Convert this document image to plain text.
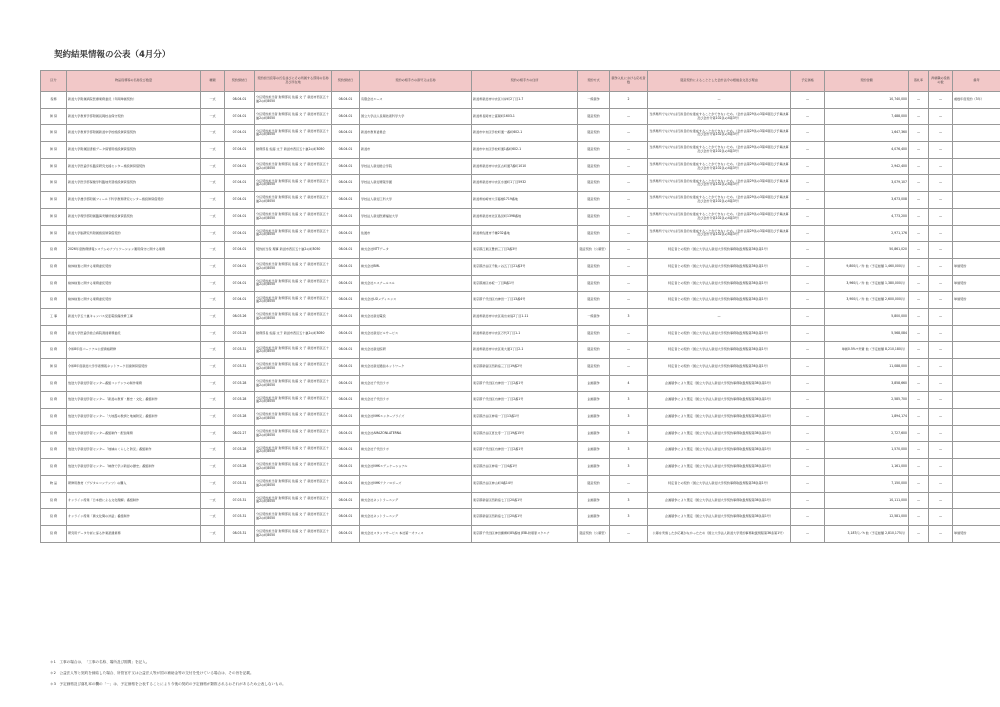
契約結果情報の公表（4月分）
区分	物品役務等の名称及び数量	種類	契約締結日	契約担当官等の氏名並びにその所属する部局の名称及び所在地	契約締結日	契約の相手方の商号又は名称	契約の相手方の住所	契約方式	競争入札における応札者数	随意契約によることとした会計法令の根拠条文及び理由	予定価格	契約金額	落札率	再就職の役員の数	備考
役務	新潟大学附属病院医療業務委託（年間単価契約）	一式	08.04.01	分任契約担当者 財務部長 佐藤 文 子 新潟市西区五十嵐2の町8050	08.04.01	有限会社エース	新潟県新潟市中央区川岸町2丁目1-7	一般競争	2	—	—	10,740,000	—	—	複数年度契約（3年）
賃 貸	新潟大学教育学部附属長岡校舎保守契約	一式	07.04.01	分任契約担当者 財務部長 佐藤 文 子 新潟市西区五十嵐2の町8050	08.04.01	国立大学法人長岡技術科学大学	新潟県長岡市上富岡町1603-1	随意契約	—	当該場所でなければ行政目的を達成することができないため。（会計法第29条の3第4項及び予算決算及び会計令第102条の4第3号）	—	7,488,000	—	—	
賃 貸	新潟大学教育学部附属新潟中学校施設賃貸借契約	一式	07.04.01	分任契約担当者 財務部長 佐藤 文 子 新潟市西区五十嵐2の町8050	08.04.01	新潟市教育委員会	新潟市中央区学校町通一番町602-1	随意契約	—	当該場所でなければ行政目的を達成することができないため。（会計法第29条の3第4項及び予算決算及び会計令第102条の4第3号）	—	1,647,360	—	—	
賃 貸	新潟大学附属図書館データ保管用施設賃貸借契約	一式	07.04.01	財務部長 佐藤 文子 新潟市西区五十嵐2の町8050	08.04.01	新潟市	新潟市中央区学校町通1番町602-1	随意契約	—	当該場所でなければ行政目的を達成することができないため。（会計法第29条の3第4項及び予算決算及び会計令第102条の4第3号）	—	4,076,400	—	—	
賃 貸	新潟大学医歯学系臨床研究支援センター施設賃貸借契約	一式	07.04.01	分任契約担当者 財務部長 佐藤 文 子 新潟市西区五十嵐2の町8050	08.04.01	学校法人新潟総合学院	新潟県新潟市中央区古町通7番町1010	随意契約	—	当該場所でなければ行政目的を達成することができないため。（会計法第29条の3第4項及び予算決算及び会計令第102条の4第3号）	—	2,942,400	—	—	
賃 貸	新潟大学医学部保健学科臨地実習施設賃貸借契約	一式	07.04.01	分任契約担当者 財務部長 佐藤 文 子 新潟市西区五十嵐2の町8050	08.04.01	学校法人新潟青陵学園	新潟県新潟市中央区水道町1丁目5932	随意契約	—	当該場所でなければ行政目的を達成することができないため。（会計法第29条の3第4項及び予算決算及び会計令第102条の4第3号）	—	3,079,107	—	—	
賃 貸	新潟大学農学部附属フィールド科学教育研究センター施設賃貸借契約	一式	07.04.01	分任契約担当者 財務部長 佐藤 文 子 新潟市西区五十嵐2の町8050	08.04.01	学校法人新潟工科大学	新潟県柏崎市大字藤橋1719番地	随意契約	—	当該場所でなければ行政目的を達成することができないため。（会計法第29条の3第4項及び予算決算及び会計令第102条の4第3号）	—	3,673,008	—	—	
賃 貸	新潟大学理学部附属臨海実験所施設賃貸借契約	一式	07.04.01	分任契約担当者 財務部長 佐藤 文 子 新潟市西区五十嵐2の町8050	08.04.01	学校法人新潟医療福祉大学	新潟県新潟市北区島見町1398番地	随意契約	—	当該場所でなければ行政目的を達成することができないため。（会計法第29条の3第4項及び予算決算及び会計令第102条の4第3号）	—	4,773,200	—	—	
賃 貸	新潟大学脳研究所附属施設賃貸借契約	一式	07.04.01	分任契約担当者 財務部長 佐藤 文 子 新潟市西区五十嵐2の町8050	08.04.01	佐渡市	新潟県佐渡市千種232番地	随意契約	—	当該場所でなければ行政目的を達成することができないため。（会計法第29条の3第4項及び予算決算及び会計令第102条の4第3号）	—	2,971,176	—	—	
役 務	2026年度教務情報システムのアプリケーション運用保守に関する業務	一式	07.04.01	契約担当役 理事 新潟市西区五十嵐2の町8050	08.04.01	株式会社NTTデータ	東京都江東区豊洲三丁目3番3号	随意契約（公募型）	—	特定者との契約（国立大学法人新潟大学契約事務取扱規程第36条第1号）	—	50,861,020	—	—	
役 務	検体検査に関する業務委託契約	一式	07.04.01	分任契約担当者 財務部長 佐藤 文 子 新潟市西区五十嵐2の町8050	08.04.01	株式会社BML	東京都渋谷区千駄ヶ谷五丁目21番3号	随意契約	—	特定者との契約（国立大学法人新潟大学契約事務取扱規程第36条第1号）	—	9,800円／件 他（予定総額 1,460,000円）	—	—	単価契約
役 務	検体検査に関する業務委託契約	一式	07.04.01	分任契約担当者 財務部長 佐藤 文 子 新潟市西区五十嵐2の町8050	08.04.01	株式会社エスアールエル	東京都港区赤坂一丁目8番1号	随意契約	—	特定者との契約（国立大学法人新潟大学契約事務取扱規程第36条第1号）	—	3,960円／件 他（予定総額 1,380,000円）	—	—	単価契約
役 務	検体検査に関する業務委託契約	一式	07.04.01	分任契約担当者 財務部長 佐藤 文 子 新潟市西区五十嵐2の町8050	08.04.01	株式会社LSIメディエンス	東京都千代田区内神田一丁目13番4号	随意契約	—	特定者との契約（国立大学法人新潟大学契約事務取扱規程第36条第1号）	—	3,900円／件 他（予定総額 2,600,000円）	—	—	単価契約
工 事	新潟大学五十嵐キャンパス受変電設備改修工事	一式	08.03.26	分任契約担当者 財務部長 佐藤 文 子 新潟市西区五十嵐2の町8050	08.04.01	株式会社新潟電設	新潟県新潟市中央区南出来島2丁目1-11	一般競争	3	—	—	5,800,000	—	—	
役 務	新潟大学医歯学総合病院清掃業務委託	一式	07.03.25	財務部長 佐藤 文子 新潟市西区五十嵐2の町8050	08.04.01	株式会社新潟ビルサービス	新潟県新潟市中央区万代3丁目1-1	随意契約	—	特定者との契約（国立大学法人新潟大学契約事務取扱規程第36条第1号）	—	5,568,084	—	—	
役 務	令和8年度パーソナル公認資格研修	一式	07.03.31	分任契約担当者 財務部長 佐藤 文 子 新潟市西区五十嵐2の町8050	08.04.01	株式会社新潟綜研	新潟県新潟市中央区東大通1丁目2-1	随意契約	—	特定者との契約（国立大学法人新潟大学契約事務取扱規程第36条第1号）	—	単価0.5%+実費 他（予定総額 8,210,180円）	—	—	
賃 貸	令和8年度新潟大学学術情報ネットワーク回線賃貸借契約	一式	07.03.31	分任契約担当者 財務部長 佐藤 文 子 新潟市西区五十嵐2の町8050	08.04.01	株式会社新潟通信ネットワーク	東京都新宿区西新宿三丁目19番2号	随意契約	—	特定者との契約（国立大学法人新潟大学契約事務取扱規程第36条第1号）	—	11,088,000	—	—	
役 務	放送大学新潟学習センター番組コンテンツの制作業務	一式	07.03.28	分任契約担当者 財務部長 佐藤 文 子 新潟市西区五十嵐2の町8050	08.04.01	株式会社千代田ラボ	東京都千代田区内神田一丁目2番1号	企画競争	4	企画競争により選定（国立大学法人新潟大学契約事務取扱規程第36条第1号）	—	3,858,660	—	—	
役 務	放送大学新潟学習センター「新潟の教育・歴史・文化」番組制作	一式	07.03.28	分任契約担当者 財務部長 佐藤 文 子 新潟市西区五十嵐2の町8050	08.04.01	株式会社千代田ラボ	東京都千代田区内神田一丁目2番1号	企画競争	3	企画競争により選定（国立大学法人新潟大学契約事務取扱規程第36条第1号）	—	2,585,700	—	—	
役 務	放送大学新潟学習センター「大地震の教訓と地域防災」番組制作	一式	07.03.28	分任契約担当者 財務部長 佐藤 文 子 新潟市西区五十嵐2の町8050	08.04.01	株式会社NHKエンタープライズ	東京都渋谷区神南一丁目13番1号	企画競争	3	企画競争により選定（国立大学法人新潟大学契約事務取扱規程第36条第1号）	—	1,894,174	—	—	
役 務	放送大学新潟学習センター番組制作・配信業務	一式	08.02.27	分任契約担当者 財務部長 佐藤 文 子 新潟市西区五十嵐2の町8050	08.04.01	株式会社AMAZONLATERNA	東京都渋谷区恵比寿一丁目19番15号	企画競争	3	企画競争により選定（国立大学法人新潟大学契約事務取扱規程第36条第1号）	—	2,727,600	—	—	
役 務	放送大学新潟学習センター「地域のくらしと防災」番組制作	一式	07.03.28	分任契約担当者 財務部長 佐藤 文 子 新潟市西区五十嵐2の町8050	08.04.01	株式会社千代田ラボ	東京都千代田区内神田一丁目2番1号	企画競争	3	企画競争により選定（国立大学法人新潟大学契約事務取扱規程第36条第1号）	—	1,570,000	—	—	
役 務	放送大学新潟学習センター「映像で学ぶ新潟の歴史」番組制作	一式	07.03.28	分任契約担当者 財務部長 佐藤 文 子 新潟市西区五十嵐2の町8050	08.04.01	株式会社NHKエデュケーショナル	東京都渋谷区神南一丁目4番1号	企画競争	3	企画競争により選定（国立大学法人新潟大学契約事務取扱規程第36条第1号）	—	1,161,000	—	—	
物 品	研修用教材（デジタルコンテンツ）の購入	一式	07.03.31	分任契約担当者 財務部長 佐藤 文 子 新潟市西区五十嵐2の町8050	08.04.01	株式会社NHKテクノロジーズ	東京都渋谷区神山町4番14号	随意契約	—	特定者との契約（国立大学法人新潟大学契約事務取扱規程第36条第1号）	—	7,150,000	—	—	
役 務	オンライン授業「日本語による文化理解」番組制作	一式	07.03.31	分任契約担当者 財務部長 佐藤 文 子 新潟市西区五十嵐2の町8050	08.04.01	株式会社ネットラーニング	東京都新宿区西新宿七丁目20番1号	企画競争	3	企画競争により選定（国立大学法人新潟大学契約事務取扱規程第36条第1号）	—	10,111,000	—	—	
役 務	オンライン授業「異文化間の対話」番組制作	一式	07.03.31	分任契約担当者 財務部長 佐藤 文 子 新潟市西区五十嵐2の町8050	08.04.01	株式会社ネットラーニング	東京都新宿区西新宿七丁目20番1号	企画競争	3	企画競争により選定（国立大学法人新潟大学契約事務取扱規程第36条第1号）	—	12,581,000	—	—	
役 務	研究用データ分析に係る作業派遣業務	一式	08.03.31	分任契約担当者 財務部長 佐藤 文 子 新潟市西区五十嵐2の町8050	08.04.01	株式会社スタッフサービス 本社第一オフィス	東京都千代田区神田練塀町85番地 JEBL秋葉原スクエア	随意契約（公募型）	—	公募を実施したが応募がなかったため（国立大学法人新潟大学契約事務取扱規程第36条第1号）	—	3,187円／h 他（予定総額 2,810,175円）	—	—	単価契約
＊1　工事の場合は、「工事の名称、場所及び期間」を記入。
＊2　公益法人等と契約を締結した場合、所管官庁又は公益法人等が国の補助金等の交付を受けている場合は、その旨を記載。
＊3　予定価格及び落札率の欄の「－」は、予定価格を公表することにより今後の契約の予定価格が類推されるおそれがあるため公表しないもの。
